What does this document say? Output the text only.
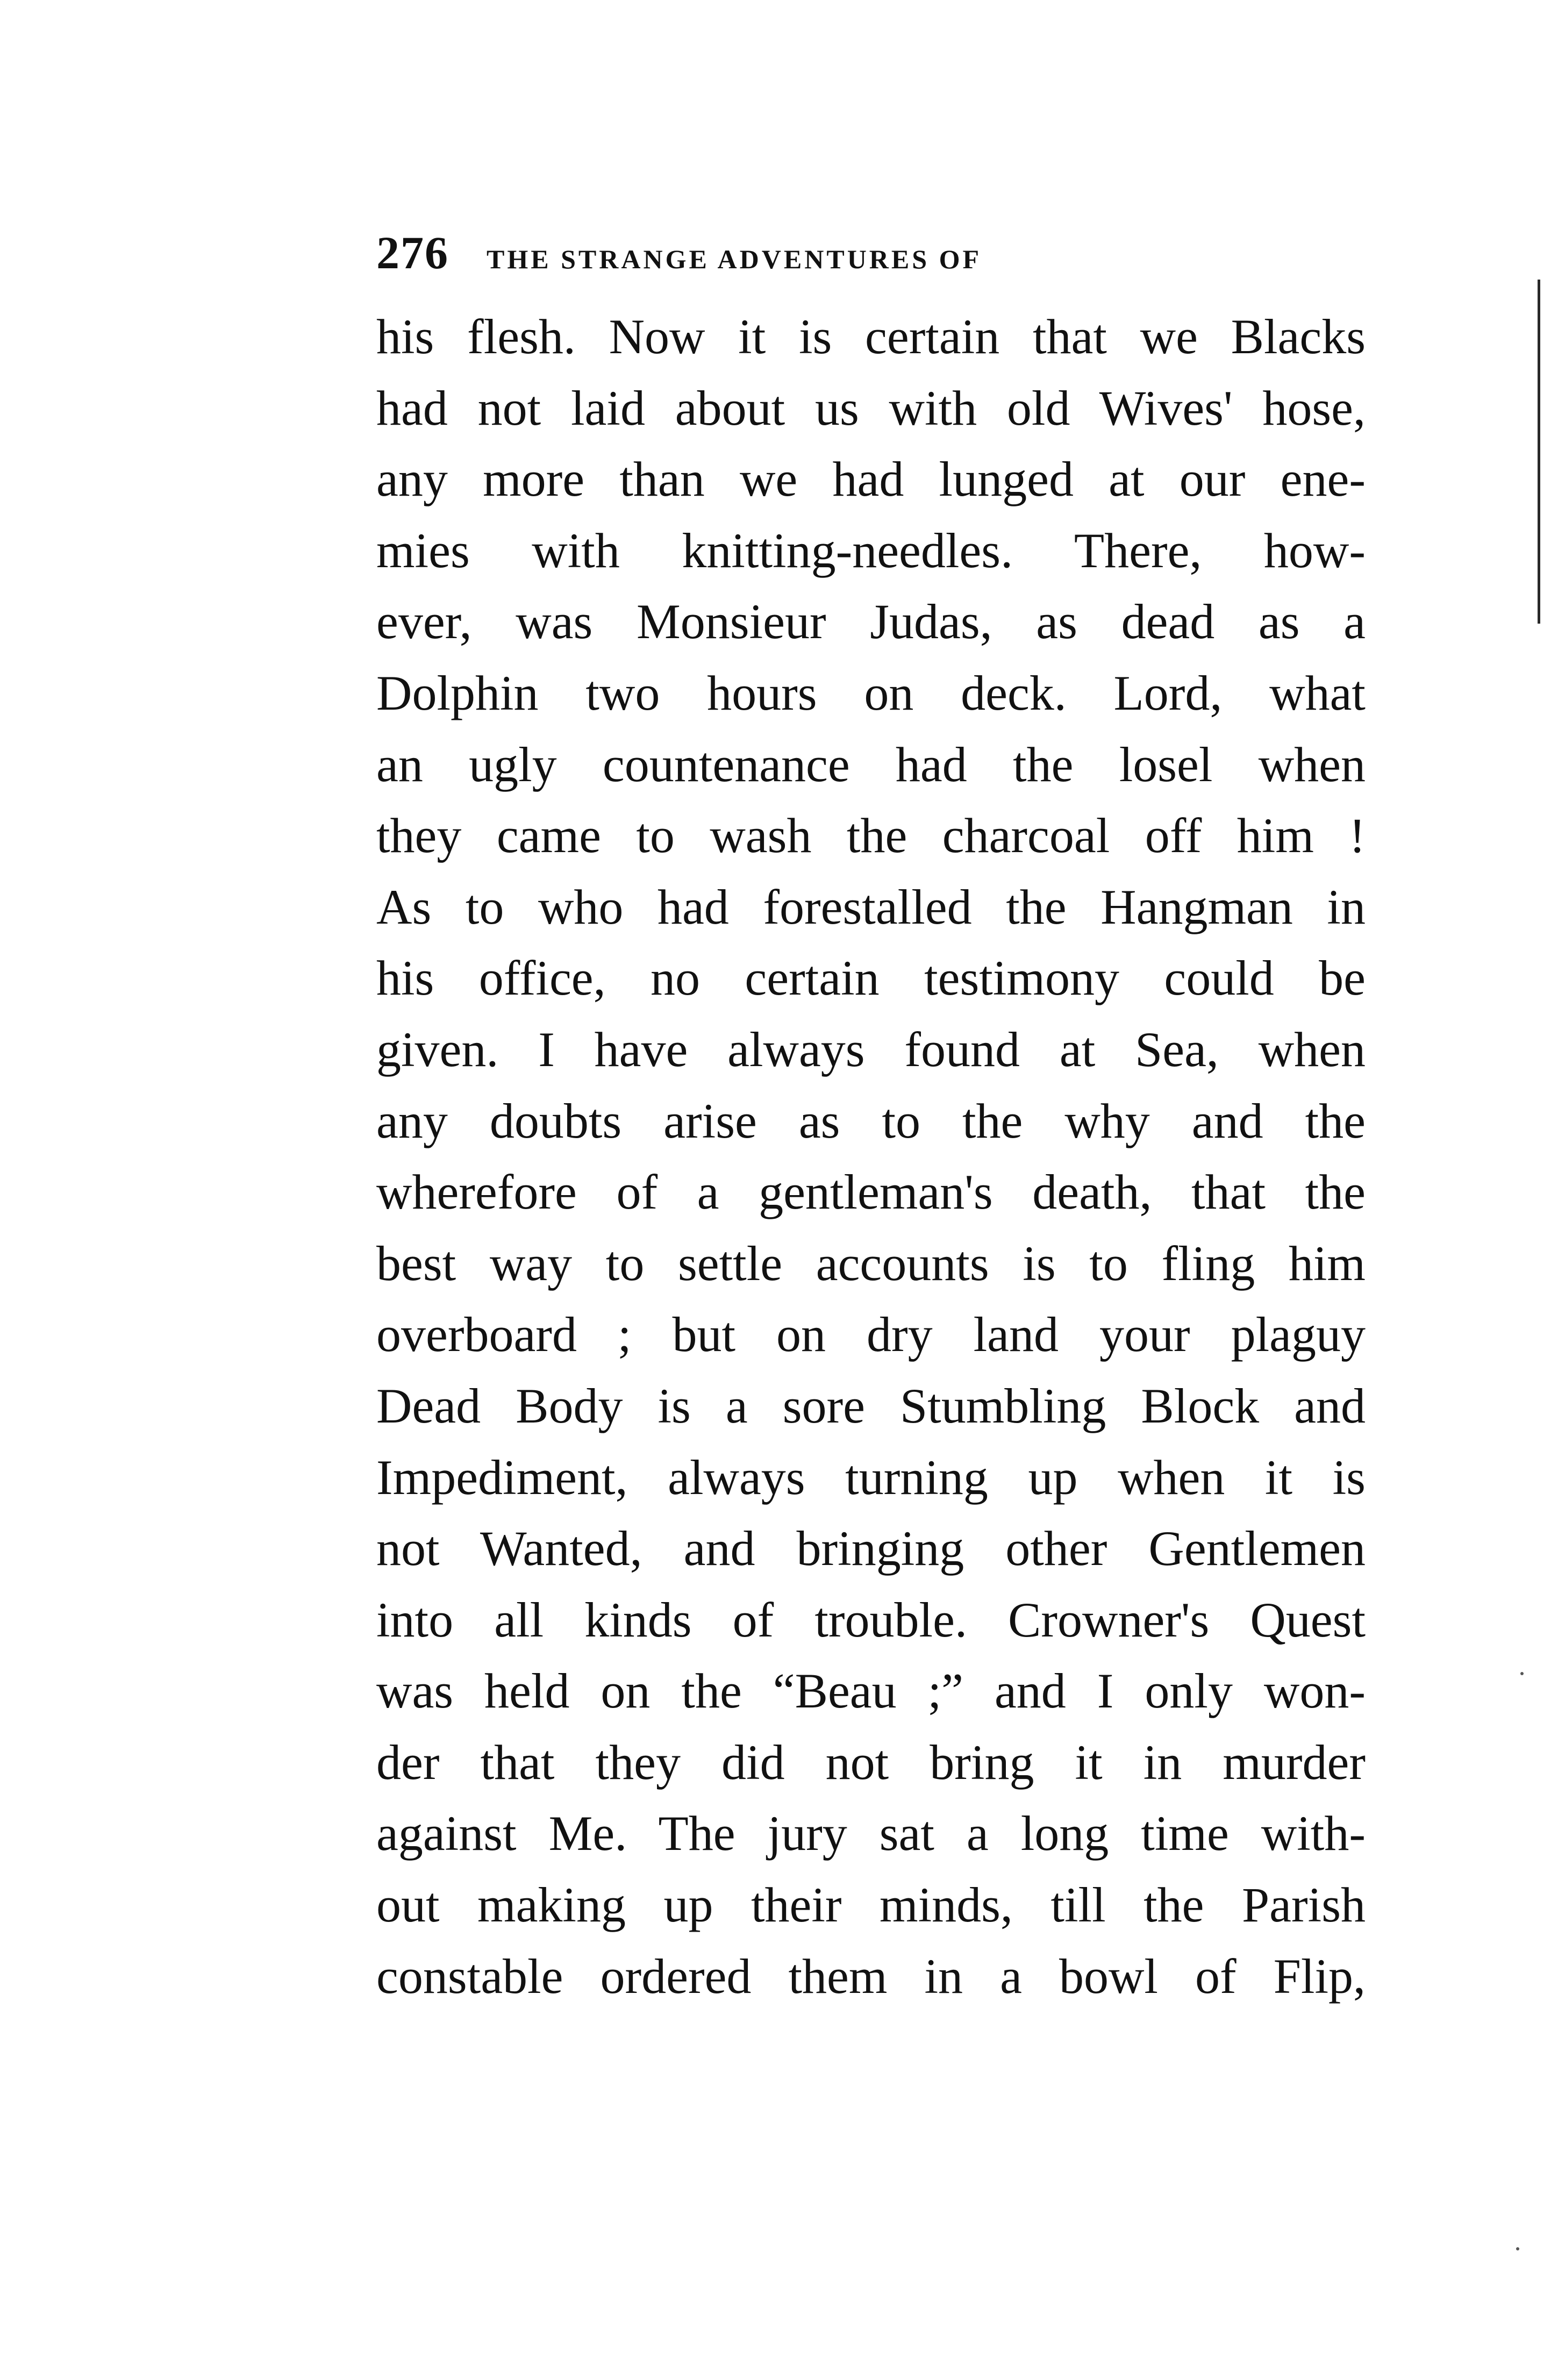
276 THE STRANGE ADVENTURES OF
his flesh. Now it is certain that we Blacks
had not laid about us with old Wives' hose,
any more than we had lunged at our ene-
mies with knitting-needles. There, how-
ever, was Monsieur Judas, as dead as a
Dolphin two hours on deck. Lord, what
an ugly countenance had the losel when
they came to wash the charcoal off him !
As to who had forestalled the Hangman in
his office, no certain testimony could be
given. I have always found at Sea, when
any doubts arise as to the why and the
wherefore of a gentleman's death, that the
best way to settle accounts is to fling him
overboard ; but on dry land your plaguy
Dead Body is a sore Stumbling Block and
Impediment, always turning up when it is
not Wanted, and bringing other Gentlemen
into all kinds of trouble. Crowner's Quest
was held on the “Beau ;” and I only won-
der that they did not bring it in murder
against Me. The jury sat a long time with-
out making up their minds, till the Parish
constable ordered them in a bowl of Flip,
